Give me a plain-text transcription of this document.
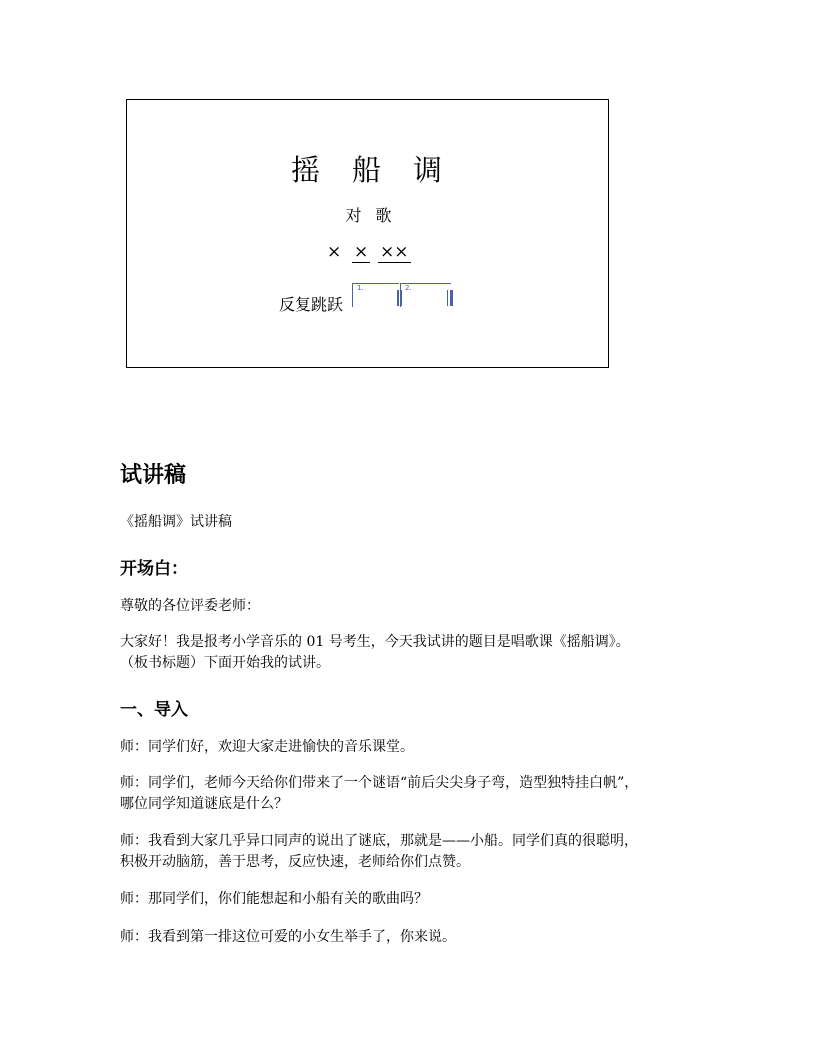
摇 船 调
对 歌
× × ××
1.	2.
反复跳跃
试讲稿
《摇船调》试讲稿
开场白：
尊敬的各位评委老师：
大家好！我是报考小学音乐的 01 号考生，今天我试讲的题目是唱歌课《摇船调》。
（板书标题）下面开始我的试讲。
一、导入
师：同学们好，欢迎大家走进愉快的音乐课堂。
师：同学们，老师今天给你们带来了一个谜语“前后尖尖身子弯，造型独特挂白帆”，
哪位同学知道谜底是什么？
师：我看到大家几乎异口同声的说出了谜底，那就是——小船。同学们真的很聪明，
积极开动脑筋，善于思考，反应快速，老师给你们点赞。
师：那同学们，你们能想起和小船有关的歌曲吗？
师：我看到第一排这位可爱的小女生举手了，你来说。
